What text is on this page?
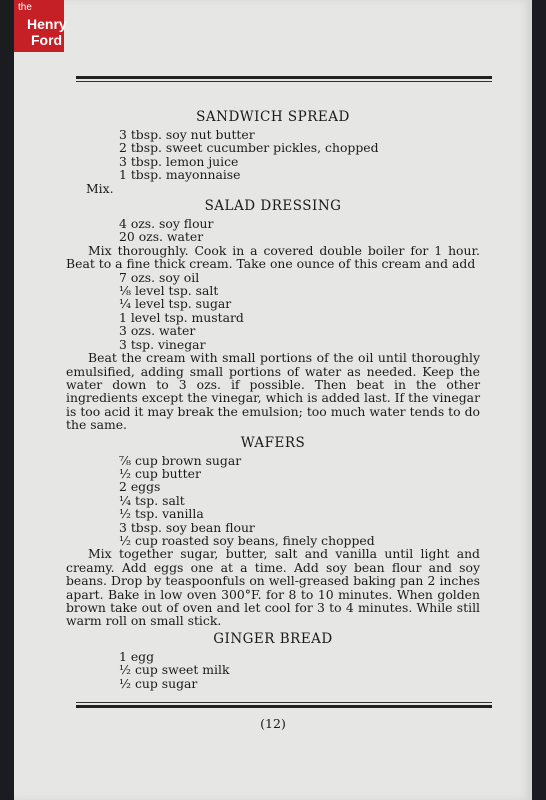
the
Henry
Ford
SANDWICH SPREAD
3 tbsp. soy nut butter
2 tbsp. sweet cucumber pickles, chopped
3 tbsp. lemon juice
1 tbsp. mayonnaise
Mix.
SALAD DRESSING
4 ozs. soy flour
20 ozs. water
Mix thoroughly. Cook in a covered double boiler for 1 hour. Beat to a fine thick cream. Take one ounce of this cream and add
7 ozs. soy oil
⅛ level tsp. salt
¼ level tsp. sugar
1 level tsp. mustard
3 ozs. water
3 tsp. vinegar
Beat the cream with small portions of the oil until thoroughly emulsified, adding small portions of water as needed. Keep the water down to 3 ozs. if possible. Then beat in the other ingredients except the vinegar, which is added last. If the vinegar is too acid it may break the emulsion; too much water tends to do the same.
WAFERS
⅞ cup brown sugar
½ cup butter
2 eggs
¼ tsp. salt
½ tsp. vanilla
3 tbsp. soy bean flour
½ cup roasted soy beans, finely chopped
Mix together sugar, butter, salt and vanilla until light and creamy. Add eggs one at a time. Add soy bean flour and soy beans. Drop by teaspoonfuls on well-greased baking pan 2 inches apart. Bake in low oven 300°F. for 8 to 10 minutes. When golden brown take out of oven and let cool for 3 to 4 minutes. While still warm roll on small stick.
GINGER BREAD
1 egg
½ cup sweet milk
½ cup sugar
(12)
